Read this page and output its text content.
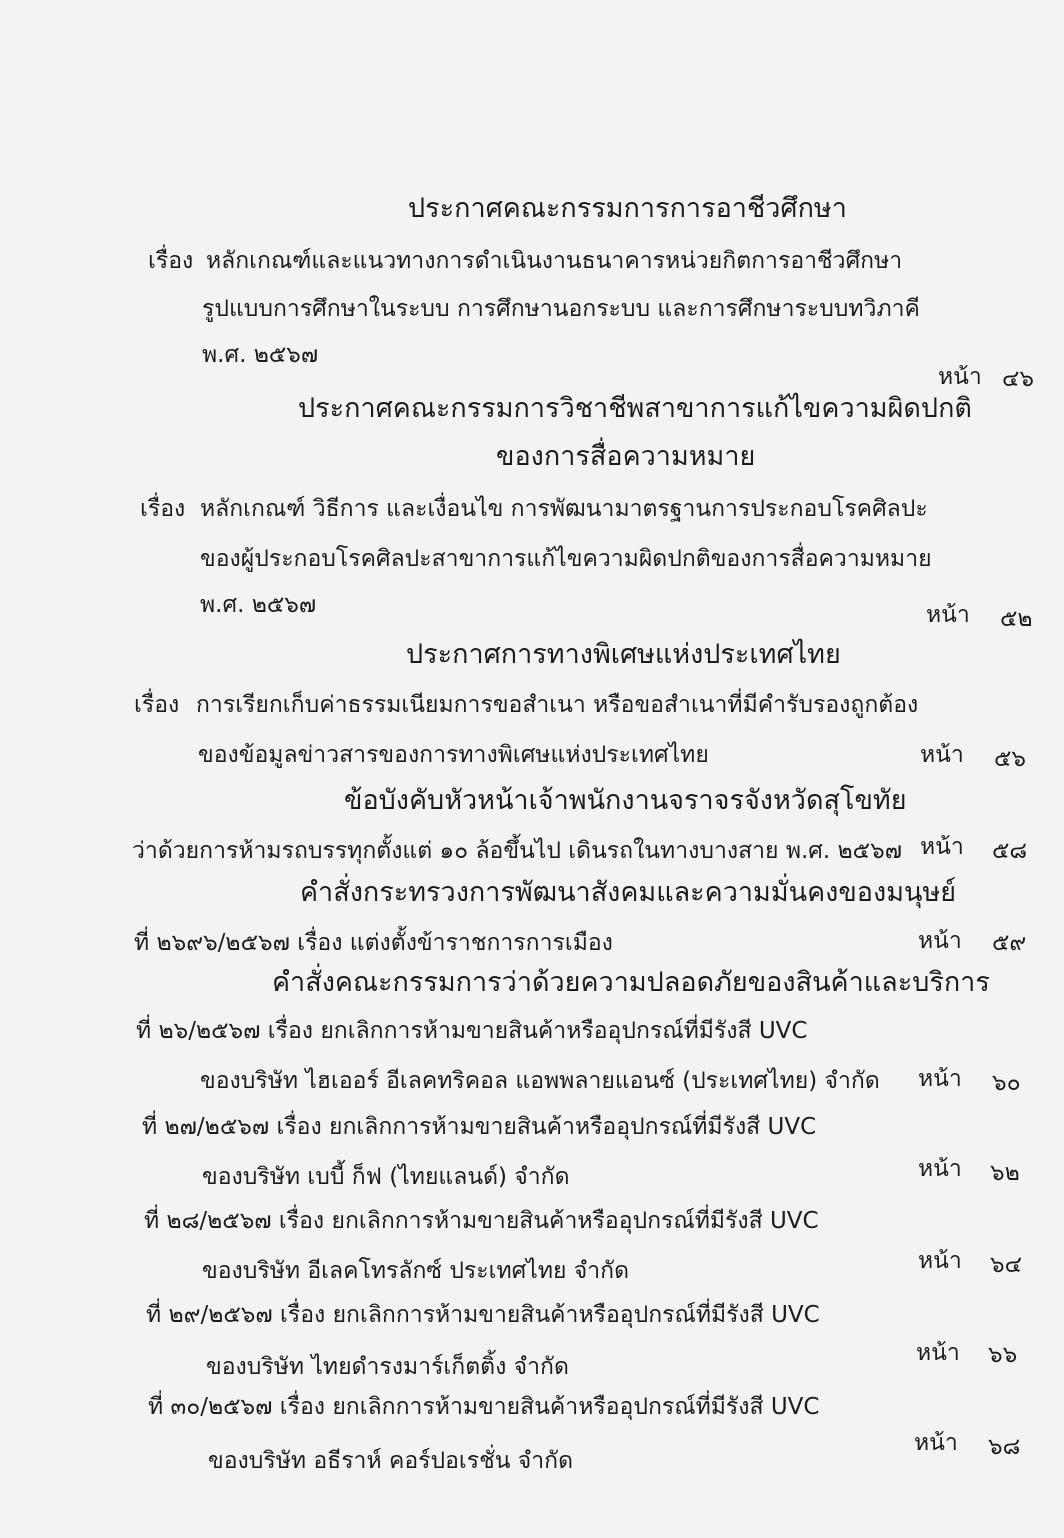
ประกาศคณะกรรมการการอาชีวศึกษา
เรื่อง หลักเกณฑ์และแนวทางการดำเนินงานธนาคารหน่วยกิตการอาชีวศึกษา
รูปแบบการศึกษาในระบบ การศึกษานอกระบบ และการศึกษาระบบทวิภาคี
พ.ศ. ๒๕๖๗
หน้า ๔๖
ประกาศคณะกรรมการวิชาชีพสาขาการแก้ไขความผิดปกติ
ของการสื่อความหมาย
เรื่อง หลักเกณฑ์ วิธีการ และเงื่อนไข การพัฒนามาตรฐานการประกอบโรคศิลปะ
ของผู้ประกอบโรคศิลปะสาขาการแก้ไขความผิดปกติของการสื่อความหมาย
พ.ศ. ๒๕๖๗	หน้า ๕๒
ประกาศการทางพิเศษแห่งประเทศไทย
เรื่อง การเรียกเก็บค่าธรรมเนียมการขอสำเนา หรือขอสำเนาที่มีคำรับรองถูกต้อง
ของข้อมูลข่าวสารของการทางพิเศษแห่งประเทศไทย	หน้า ๕๖
ข้อบังคับหัวหน้าเจ้าพนักงานจราจรจังหวัดสุโขทัย
ว่าด้วยการห้ามรถบรรทุกตั้งแต่ ๑๐ ล้อขึ้นไป เดินรถในทางบางสาย พ.ศ. ๒๕๖๗ หน้า ๕๘
คำสั่งกระทรวงการพัฒนาสังคมและความมั่นคงของมนุษย์
ที่ ๒๖๙๖/๒๕๖๗ เรื่อง แต่งตั้งข้าราชการการเมือง	หน้า ๕๙
คำสั่งคณะกรรมการว่าด้วยความปลอดภัยของสินค้าและบริการ
ที่ ๒๖/๒๕๖๗ เรื่อง ยกเลิกการห้ามขายสินค้าหรืออุปกรณ์ที่มีรังสี UVC
ของบริษัท ไฮเออร์ อีเลคทริคอล แอพพลายแอนซ์ (ประเทศไทย) จำกัด หน้า ๖๐
ที่ ๒๗/๒๕๖๗ เรื่อง ยกเลิกการห้ามขายสินค้าหรืออุปกรณ์ที่มีรังสี UVC
ของบริษัท เบบี้ ก็ฟ (ไทยแลนด์) จำกัด	หน้า ๖๒
ที่ ๒๘/๒๕๖๗ เรื่อง ยกเลิกการห้ามขายสินค้าหรืออุปกรณ์ที่มีรังสี UVC
ของบริษัท อีเลคโทรลักซ์ ประเทศไทย จำกัด	หน้า ๖๔
ที่ ๒๙/๒๕๖๗ เรื่อง ยกเลิกการห้ามขายสินค้าหรืออุปกรณ์ที่มีรังสี UVC
ของบริษัท ไทยดำรงมาร์เก็ตติ้ง จำกัด
หน้า ๖๖
ที่ ๓๐/๒๕๖๗ เรื่อง ยกเลิกการห้ามขายสินค้าหรืออุปกรณ์ที่มีรังสี UVC
ของบริษัท อธีราห์ คอร์ปอเรชั่น จำกัด
หน้า ๖๘
